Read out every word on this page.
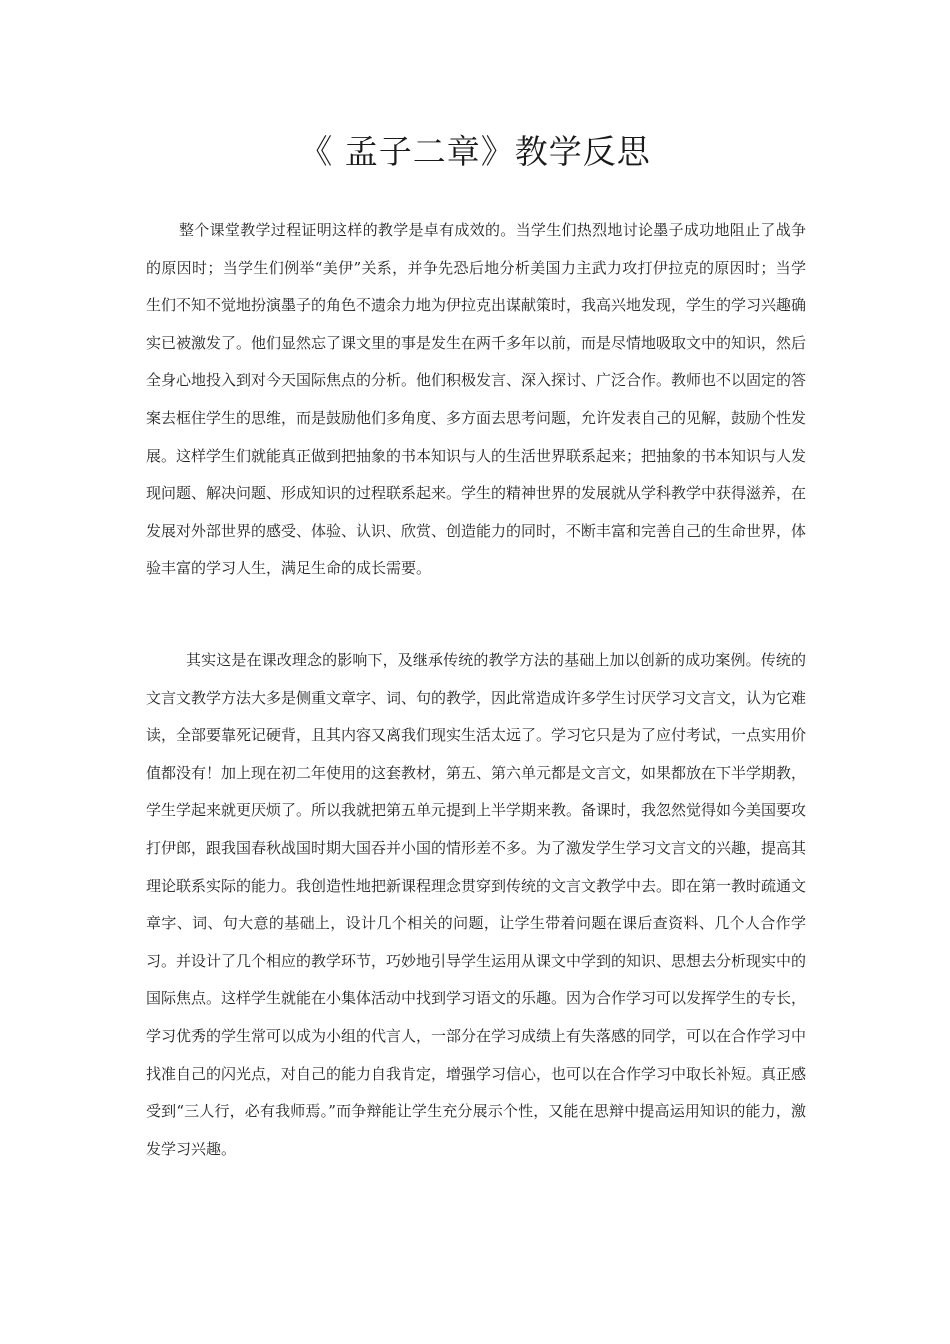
《 孟子二章》教学反思

整个课堂教学过程证明这样的教学是卓有成效的。当学生们热烈地讨论墨子成功地阻止了战争的原因时；当学生们例举“美伊”关系，并争先恐后地分析美国力主武力攻打伊拉克的原因时；当学生们不知不觉地扮演墨子的角色不遗余力地为伊拉克出谋献策时，我高兴地发现，学生的学习兴趣确实已被激发了。他们显然忘了课文里的事是发生在两千多年以前，而是尽情地吸取文中的知识，然后全身心地投入到对今天国际焦点的分析。他们积极发言、深入探讨、广泛合作。教师也不以固定的答案去框住学生的思维，而是鼓励他们多角度、多方面去思考问题，允许发表自己的见解，鼓励个性发展。这样学生们就能真正做到把抽象的书本知识与人的生活世界联系起来；把抽象的书本知识与人发现问题、解决问题、形成知识的过程联系起来。学生的精神世界的发展就从学科教学中获得滋养，在发展对外部世界的感受、体验、认识、欣赏、创造能力的同时，不断丰富和完善自己的生命世界，体验丰富的学习人生，满足生命的成长需要。

其实这是在课改理念的影响下，及继承传统的教学方法的基础上加以创新的成功案例。传统的文言文教学方法大多是侧重文章字、词、句的教学，因此常造成许多学生讨厌学习文言文，认为它难读，全部要靠死记硬背，且其内容又离我们现实生活太远了。学习它只是为了应付考试，一点实用价值都没有！加上现在初二年使用的这套教材，第五、第六单元都是文言文，如果都放在下半学期教，学生学起来就更厌烦了。所以我就把第五单元提到上半学期来教。备课时，我忽然觉得如今美国要攻打伊郎，跟我国春秋战国时期大国吞并小国的情形差不多。为了激发学生学习文言文的兴趣，提高其理论联系实际的能力。我创造性地把新课程理念贯穿到传统的文言文教学中去。即在第一教时疏通文章字、词、句大意的基础上，设计几个相关的问题，让学生带着问题在课后查资料、几个人合作学习。并设计了几个相应的教学环节，巧妙地引导学生运用从课文中学到的知识、思想去分析现实中的国际焦点。这样学生就能在小集体活动中找到学习语文的乐趣。因为合作学习可以发挥学生的专长，学习优秀的学生常可以成为小组的代言人，一部分在学习成绩上有失落感的同学，可以在合作学习中找准自己的闪光点，对自己的能力自我肯定，增强学习信心，也可以在合作学习中取长补短。真正感受到“三人行，必有我师焉。”而争辩能让学生充分展示个性，又能在思辩中提高运用知识的能力，激发学习兴趣。
